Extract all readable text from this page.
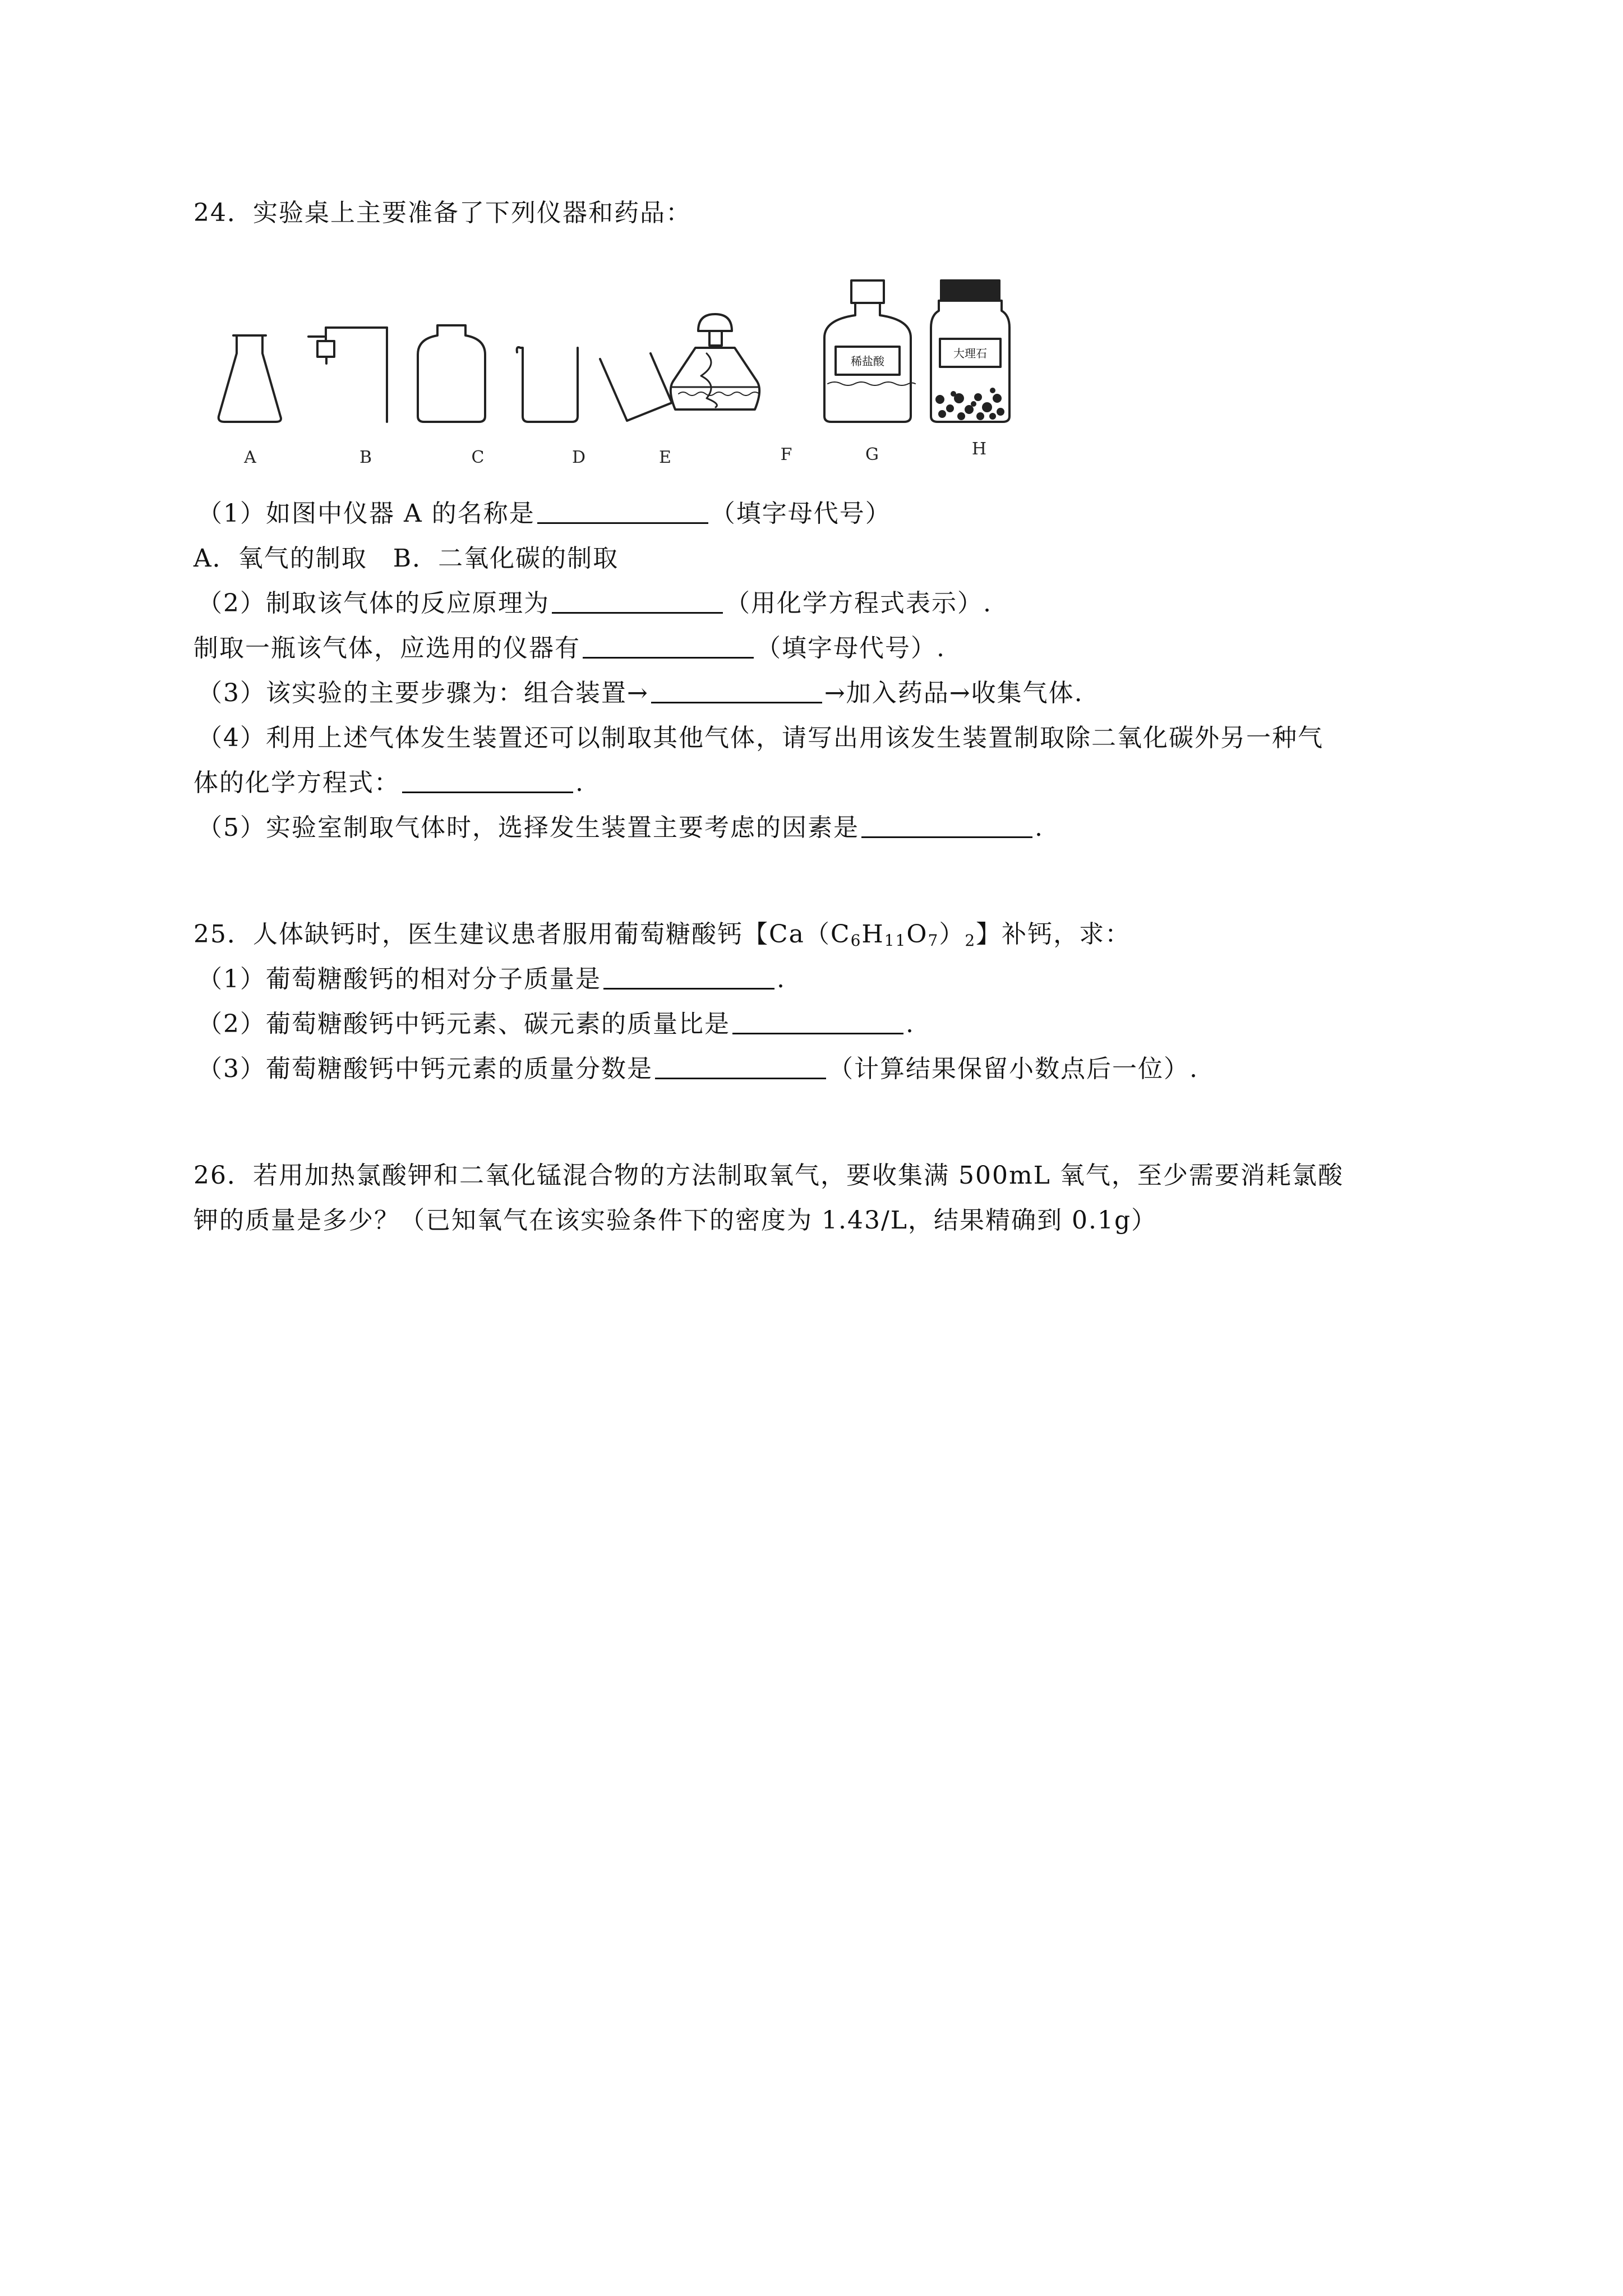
24．实验桌上主要准备了下列仪器和药品：
稀盐酸
大理石
A	B	C	D	E	F	G	H
（1）如图中仪器 A 的名称是	（填字母代号）
A．氧气的制取　B．二氧化碳的制取
（2）制取该气体的反应原理为	（用化学方程式表示）.
制取一瓶该气体，应选用的仪器有	（填字母代号）.
（3）该实验的主要步骤为：组合装置→	→加入药品→收集气体.
（4）利用上述气体发生装置还可以制取其他气体，请写出用该发生装置制取除二氧化碳外另一种气
体的化学方程式：	.
（5）实验室制取气体时，选择发生装置主要考虑的因素是	.
25．人体缺钙时，医生建议患者服用葡萄糖酸钙【$Ca(C_6H_{11}O_7)_2$】补钙，求：
（1）葡萄糖酸钙的相对分子质量是	.
（2）葡萄糖酸钙中钙元素、碳元素的质量比是	.
（3）葡萄糖酸钙中钙元素的质量分数是	（计算结果保留小数点后一位）.
26．若用加热氯酸钾和二氧化锰混合物的方法制取氧气，要收集满 500mL 氧气，至少需要消耗氯酸
钾的质量是多少？（已知氧气在该实验条件下的密度为 1.43/L，结果精确到 0.1g）
